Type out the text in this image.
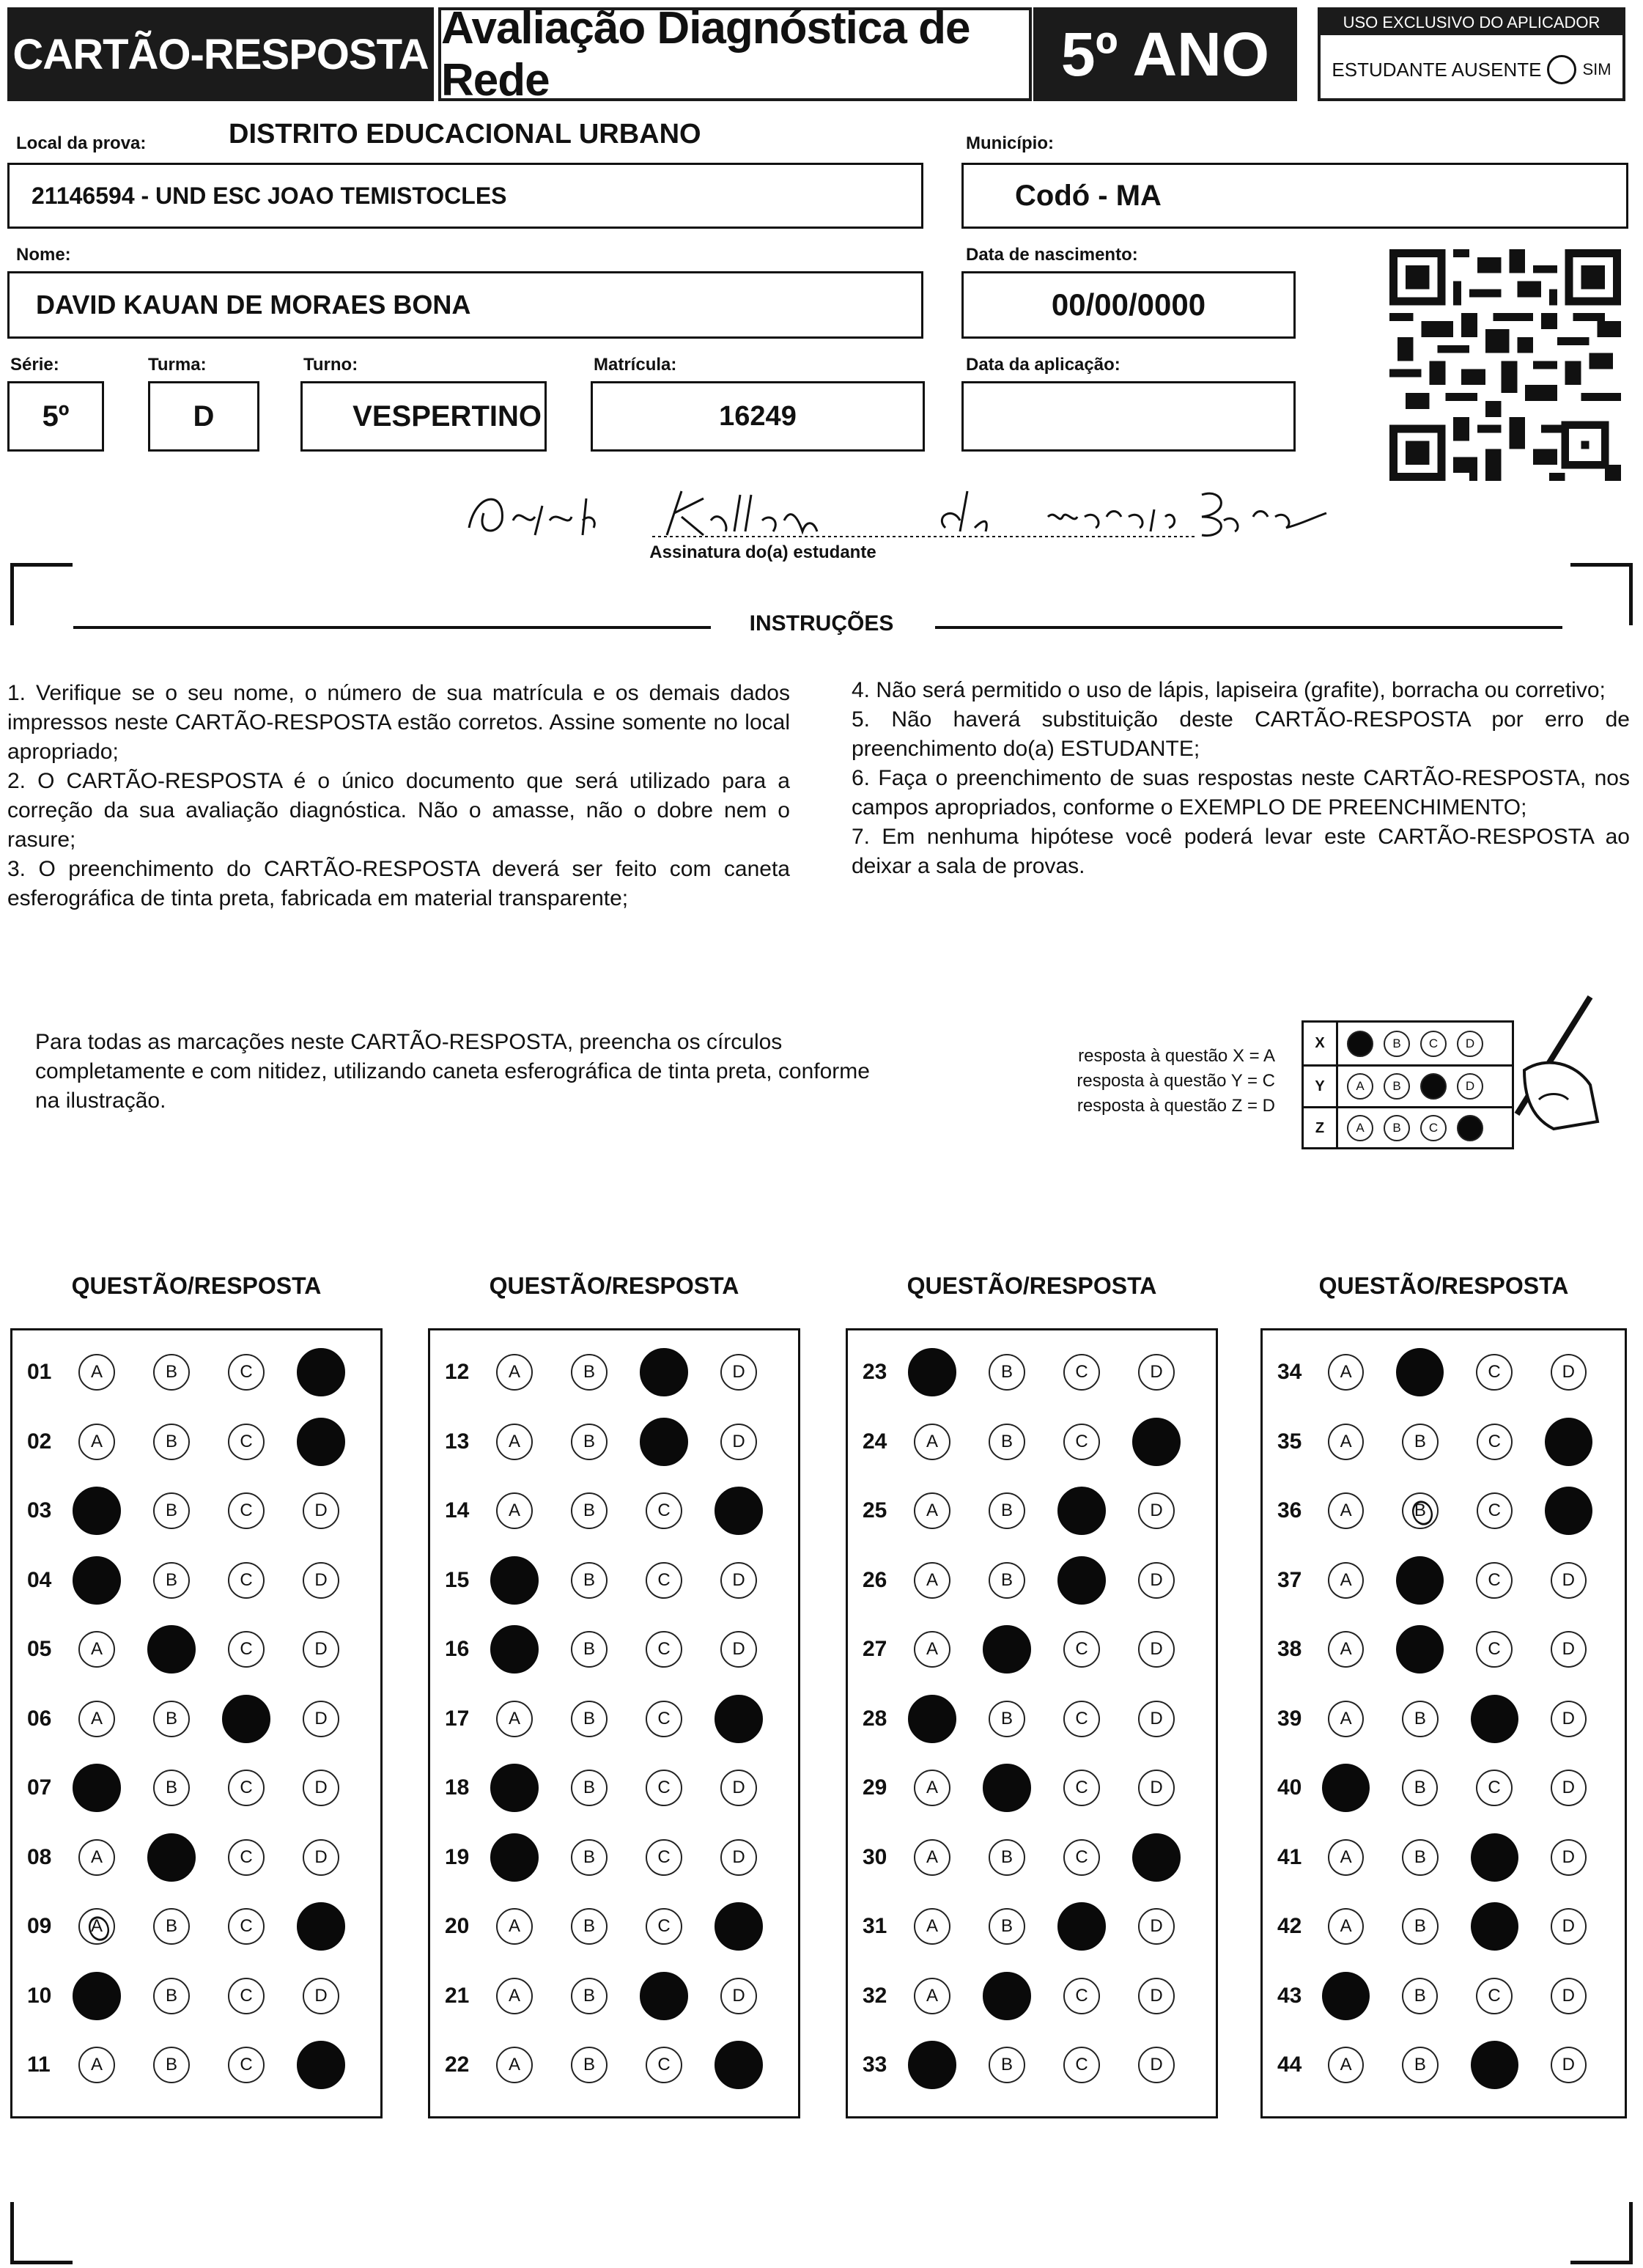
CARTÃO-RESPOSTA
Avaliação Diagnóstica de Rede	5º ANO	USO EXCLUSIVO DO APLICADOR
ESTUDANTE AUSENTE	SIM
Local da prova:	DISTRITO EDUCACIONAL URBANO
21146594 - UND ESC JOAO TEMISTOCLES
Município:
Codó - MA
Nome:
DAVID KAUAN DE MORAES BONA
Data de nascimento:
00/00/0000
Série:
5º
Turma:
D
Turno:
VESPERTINO
Matrícula:
16249
Data da aplicação:
Assinatura do(a) estudante
INSTRUÇÕES

1. Verifique se o seu nome, o número de sua matrícula e os demais dados impressos neste CARTÃO-RESPOSTA estão corretos. Assine somente no local apropriado;

2. O CARTÃO-RESPOSTA é o único documento que será utilizado para a correção da sua avaliação diagnóstica. Não o amasse, não o dobre nem o rasure;

3. O preenchimento do CARTÃO-RESPOSTA deverá ser feito com caneta esferográfica de tinta preta, fabricada em material transparente;

4. Não será permitido o uso de lápis, lapiseira (grafite), borracha ou corretivo;

5. Não haverá substituição deste CARTÃO-RESPOSTA por erro de preenchimento do(a) ESTUDANTE;

6. Faça o preenchimento de suas respostas neste CARTÃO-RESPOSTA, nos campos apropriados, conforme o EXEMPLO DE PREENCHIMENTO;

7. Em nenhuma hipótese você poderá levar este CARTÃO-RESPOSTA ao deixar a sala de provas.

Para todas as marcações neste CARTÃO-RESPOSTA, preencha os círculos completamente e com nitidez, utilizando caneta esferográfica de tinta preta, conforme na ilustração.
resposta à questão X = A
resposta à questão Y = C
resposta à questão Z = D
X	B	C	D
Y	A	B	D
Z	A	B	C
QUESTÃO/RESPOSTA
01	A	B	C
02	A	B	C
03	B	C	D
04	B	C	D
05	A	C	D
06	A	B	D
07	B	C	D
08	A	C	D
09	A	B	C
10	B	C	D
11	A	B	C
QUESTÃO/RESPOSTA
12	A	B	D
13	A	B	D
14	A	B	C
15	B	C	D
16	B	C	D
17	A	B	C
18	B	C	D
19	B	C	D
20	A	B	C
21	A	B	D
22	A	B	C
QUESTÃO/RESPOSTA
23	B	C	D
24	A	B	C
25	A	B	D
26	A	B	D
27	A	C	D
28	B	C	D
29	A	C	D
30	A	B	C
31	A	B	D
32	A	C	D
33	B	C	D
QUESTÃO/RESPOSTA
34	A	C	D
35	A	B	C
36	A	B	C
37	A	C	D
38	A	C	D
39	A	B	D
40	B	C	D
41	A	B	D
42	A	B	D
43	B	C	D
44	A	B	D
